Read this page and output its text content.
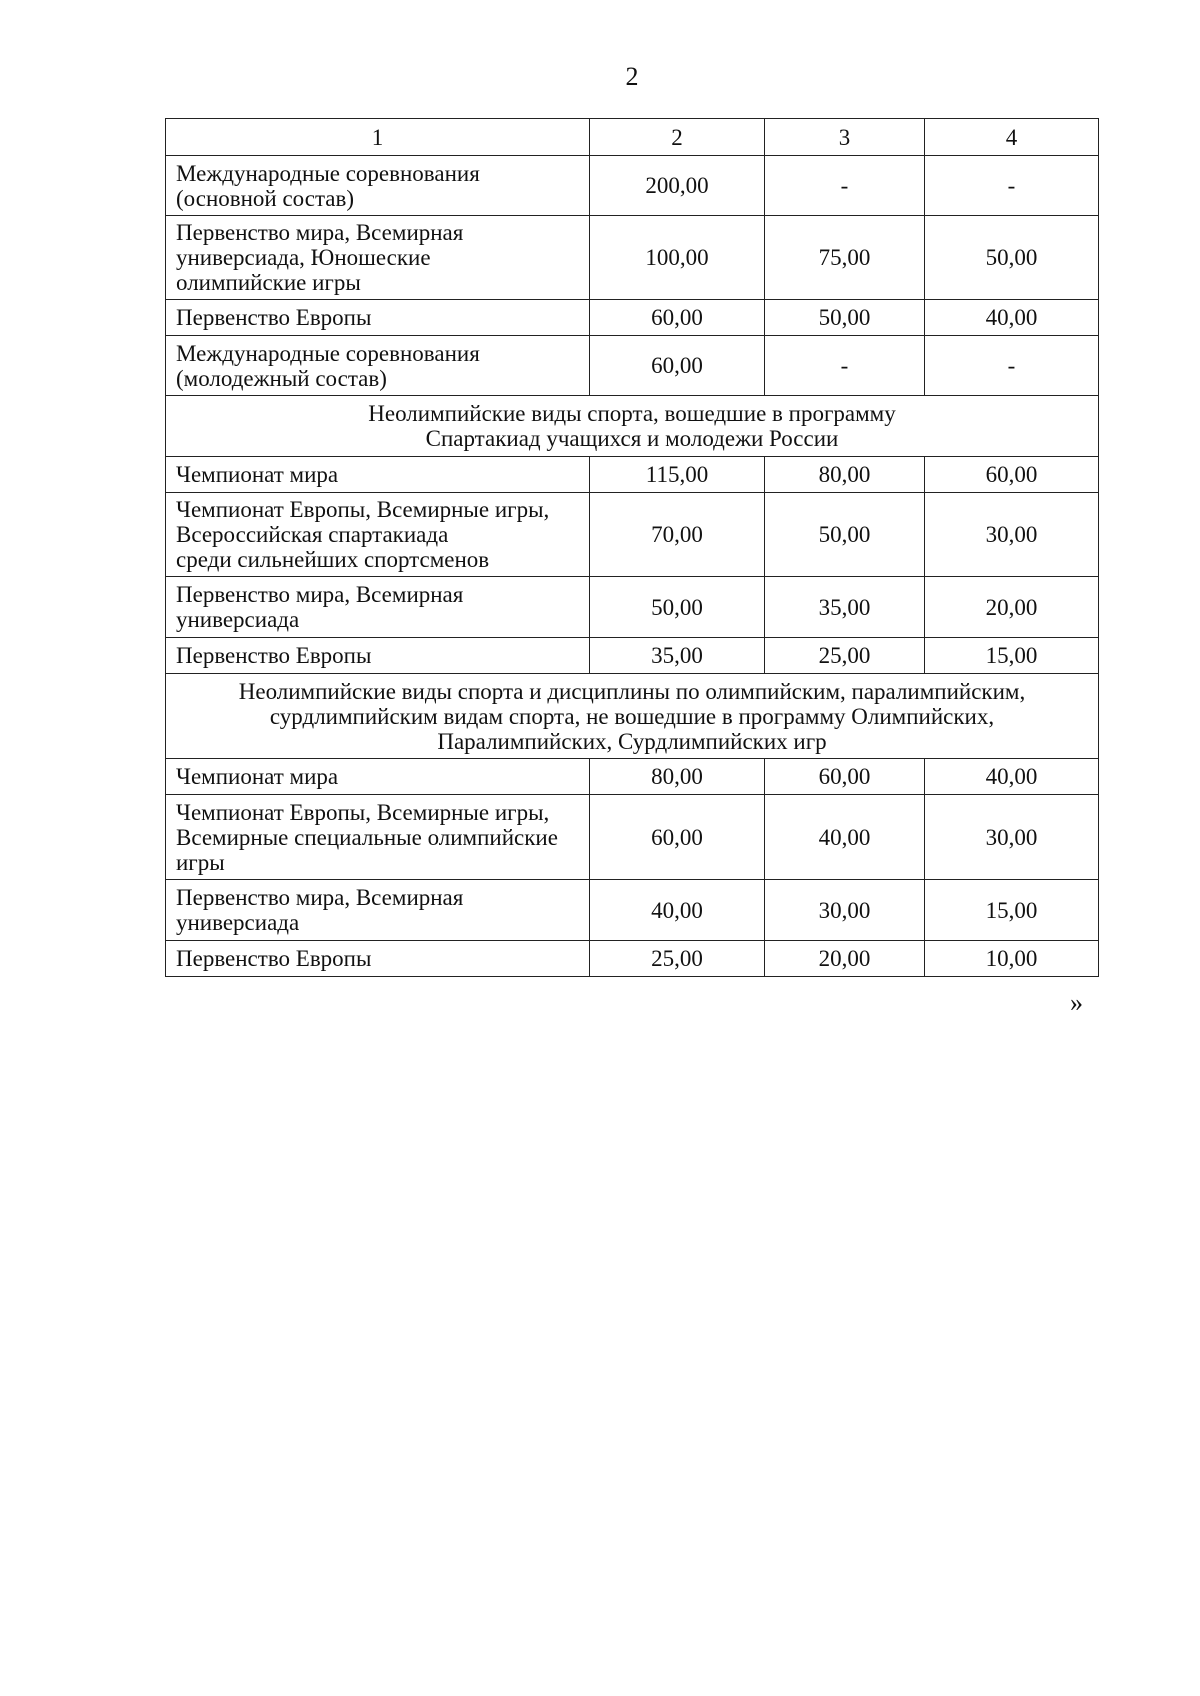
2
1	2	3	4
Международные соревнования
(основной состав)	200,00	-	-
Первенство мира, Всемирная
универсиада, Юношеские
олимпийские игры	100,00	75,00	50,00
Первенство Европы	60,00	50,00	40,00
Международные соревнования
(молодежный состав)	60,00	-	-
Неолимпийские виды спорта, вошедшие в программу
Спартакиад учащихся и молодежи России			
Чемпионат мира	115,00	80,00	60,00
Чемпионат Европы, Всемирные игры,
Всероссийская спартакиада
среди сильнейших спортсменов	70,00	50,00	30,00
Первенство мира, Всемирная
универсиада	50,00	35,00	20,00
Первенство Европы	35,00	25,00	15,00
Неолимпийские виды спорта и дисциплины по олимпийским, паралимпийским,
сурдлимпийским видам спорта, не вошедшие в программу Олимпийских,
Паралимпийских, Сурдлимпийских игр			
Чемпионат мира	80,00	60,00	40,00
Чемпионат Европы, Всемирные игры,
Всемирные специальные олимпийские
игры	60,00	40,00	30,00
Первенство мира, Всемирная
универсиада	40,00	30,00	15,00
Первенство Европы	25,00	20,00	10,00
»
